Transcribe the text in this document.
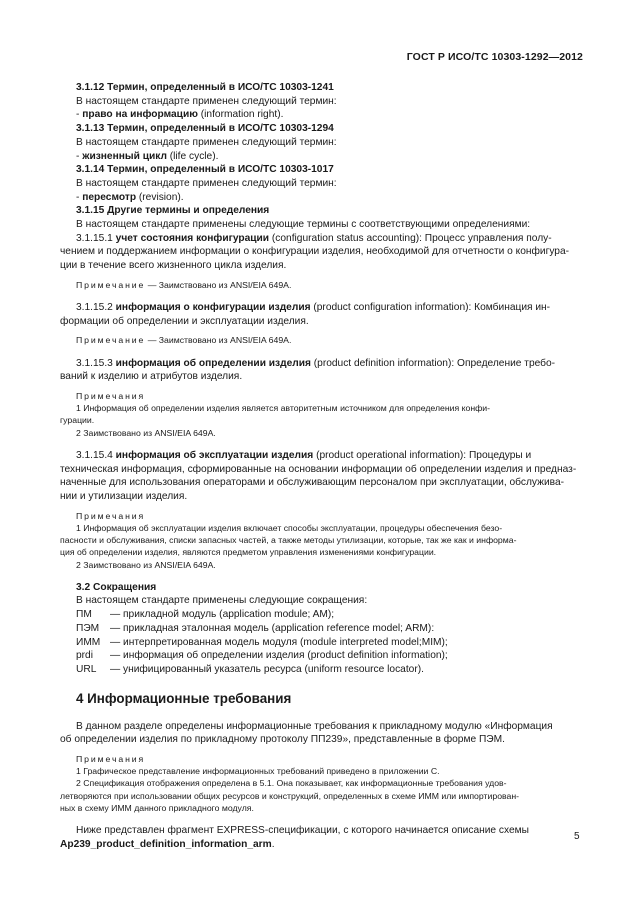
ГОСТ Р ИСО/ТС 10303-1292—2012

3.1.12 Термин, определенный в ИСО/ТС 10303-1241

В настоящем стандарте применен следующий термин:

- право на информацию (information right).

3.1.13 Термин, определенный в ИСО/ТС 10303-1294

В настоящем стандарте применен следующий термин:

- жизненный цикл (life cycle).

3.1.14 Термин, определенный в ИСО/ТС 10303-1017

В настоящем стандарте применен следующий термин:

- пересмотр (revision).

3.1.15 Другие термины и определения

В настоящем стандарте применены следующие термины с соответствующими определениями:

3.1.15.1 учет состояния конфигурации (configuration status accounting): Процесс управления полу-

чением и поддержанием информации о конфигурации изделия, необходимой для отчетности о конфигура-

ции в течение всего жизненного цикла изделия.

Примечание — Заимствовано из ANSI/EIA 649A.

3.1.15.2 информация о конфигурации изделия (product configuration information): Комбинация ин-

формации об определении и эксплуатации изделия.

Примечание — Заимствовано из ANSI/EIA 649A.

3.1.15.3 информация об определении изделия (product definition information): Определение требо-

ваний к изделию и атрибутов изделия.

Примечания

1 Информация об определении изделия является авторитетным источником для определения конфи-

гурации.

2 Заимствовано из ANSI/EIA 649A.

3.1.15.4 информация об эксплуатации изделия (product operational information): Процедуры и

техническая информация, сформированные на основании информации об определении изделия и предназ-

наченные для использования операторами и обслуживающим персоналом при эксплуатации, обслужива-

нии и утилизации изделия.

Примечания

1 Информация об эксплуатации изделия включает способы эксплуатации, процедуры обеспечения безо-

пасности и обслуживания, списки запасных частей, а также методы утилизации, которые, так же как и информа-

ция об определении изделия, являются предметом управления изменениями конфигурации.

2 Заимствовано из ANSI/EIA 649A.

3.2 Сокращения

В настоящем стандарте применены следующие сокращения:

ПМ	— прикладной модуль (application module; AM);
ПЭМ	— прикладная эталонная модель (application reference model; ARM):
ИММ — интерпретированная модель модуля (module interpreted model;MIM);
prdi	— информация об определении изделия (product definition information);
URL	— унифицированный указатель ресурса (uniform resource locator).

4 Информационные требования

В данном разделе определены информационные требования к прикладному модулю «Информация

об определении изделия по прикладному протоколу ПП239», представленные в форме ПЭМ.

Примечания

1 Графическое представление информационных требований приведено в приложении С.

2 Спецификация отображения определена в 5.1. Она показывает, как информационные требования удов-

летворяются при использовании общих ресурсов и конструкций, определенных в схеме ИММ или импортирован-

ных в схему ИММ данного прикладного модуля.

Ниже представлен фрагмент EXPRESS-спецификации, с которого начинается описание схемы

Ap239_product_definition_information_arm.

5
